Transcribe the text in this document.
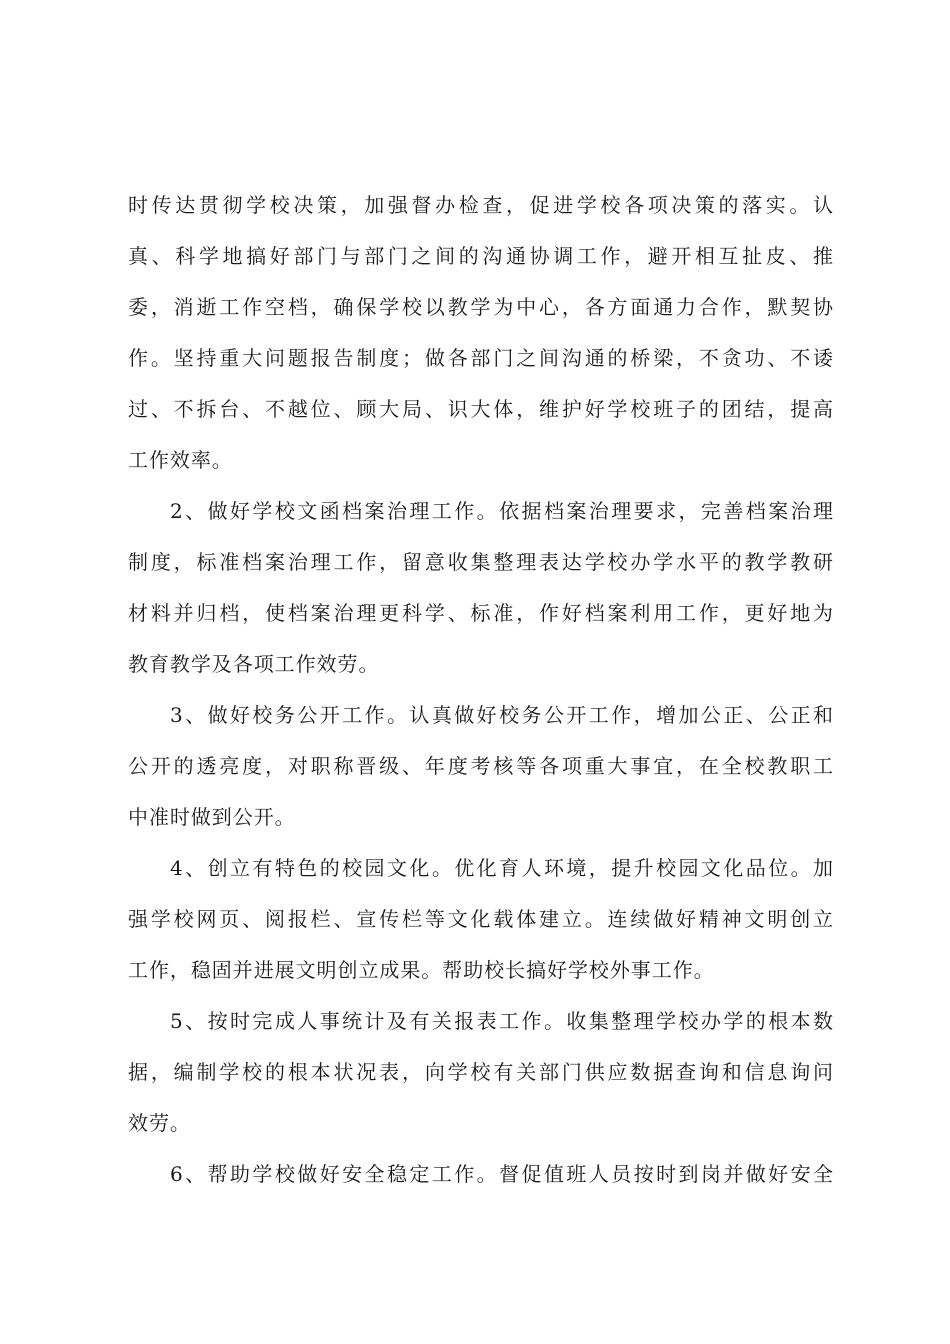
时传达贯彻学校决策，加强督办检查，促进学校各项决策的落实。认
真、科学地搞好部门与部门之间的沟通协调工作，避开相互扯皮、推
委，消逝工作空档，确保学校以教学为中心，各方面通力合作，默契协
作。坚持重大问题报告制度；做各部门之间沟通的桥梁，不贪功、不诿
过、不拆台、不越位、顾大局、识大体，维护好学校班子的团结，提高
工作效率。

2、做好学校文函档案治理工作。依据档案治理要求，完善档案治理
制度，标准档案治理工作，留意收集整理表达学校办学水平的教学教研
材料并归档，使档案治理更科学、标准，作好档案利用工作，更好地为
教育教学及各项工作效劳。

3、做好校务公开工作。认真做好校务公开工作，增加公正、公正和
公开的透亮度，对职称晋级、年度考核等各项重大事宜，在全校教职工
中准时做到公开。

4、创立有特色的校园文化。优化育人环境，提升校园文化品位。加
强学校网页、阅报栏、宣传栏等文化载体建立。连续做好精神文明创立
工作，稳固并进展文明创立成果。帮助校长搞好学校外事工作。

5、按时完成人事统计及有关报表工作。收集整理学校办学的根本数
据，编制学校的根本状况表，向学校有关部门供应数据查询和信息询问
效劳。

6、帮助学校做好安全稳定工作。督促值班人员按时到岗并做好安全
